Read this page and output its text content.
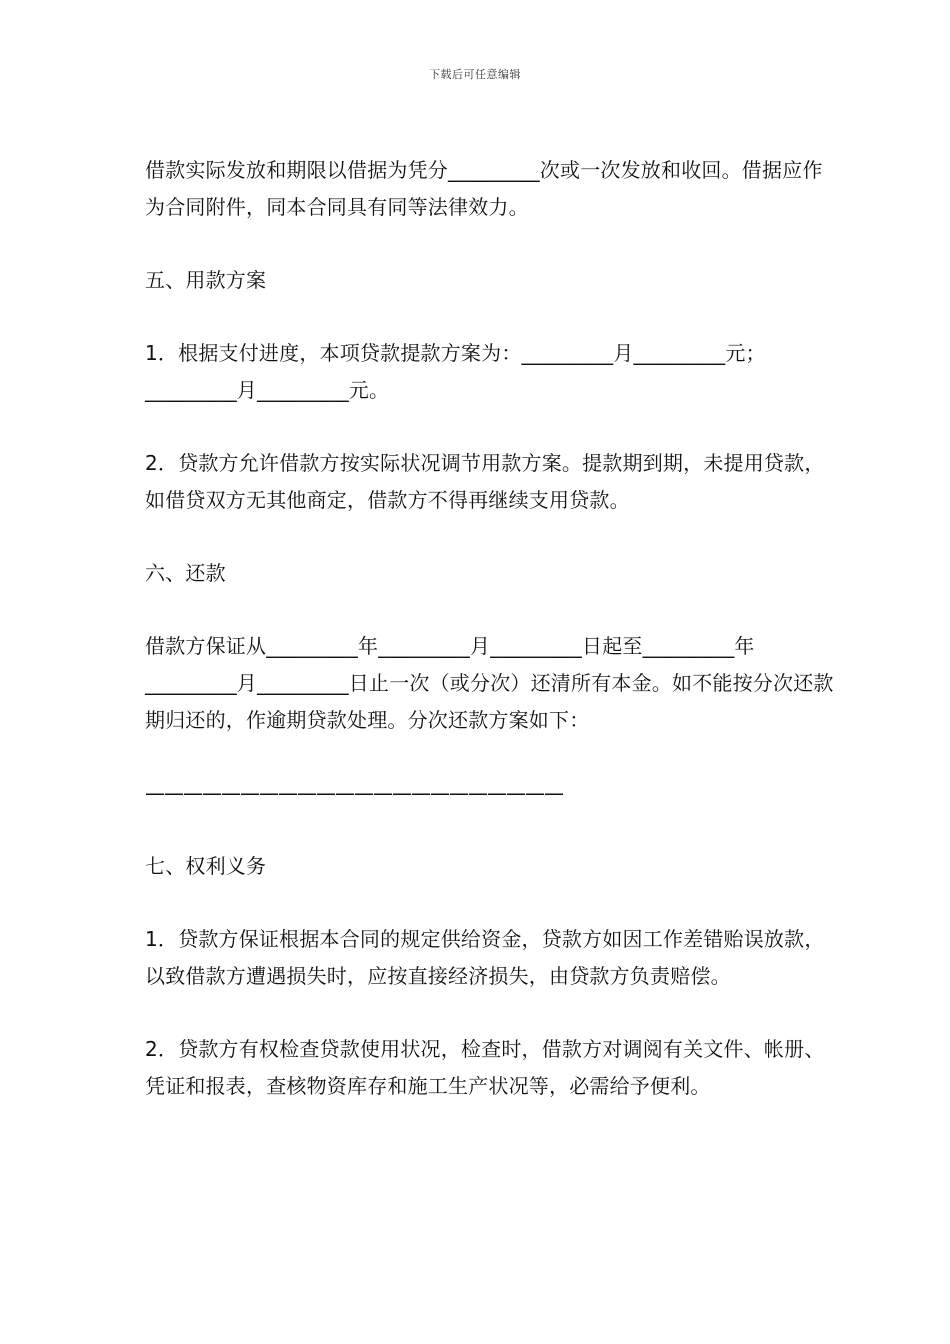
下载后可任意编辑

借款实际发放和期限以借据为凭分_________次或一次发放和收回。借据应作为合同附件，同本合同具有同等法律效力。

五、用款方案

1．根据支付进度，本项贷款提款方案为：_________月_________元；_________月_________元。

2．贷款方允许借款方按实际状况调节用款方案。提款期到期，未提用贷款，如借贷双方无其他商定，借款方不得再继续支用贷款。

六、还款

借款方保证从_________年_________月_________日起至_________年_________月_________日止一次（或分次）还清所有本金。如不能按分次还款期归还的，作逾期贷款处理。分次还款方案如下：

——————————————————————
七、权利义务

1．贷款方保证根据本合同的规定供给资金，贷款方如因工作差错贻误放款，以致借款方遭遇损失时，应按直接经济损失，由贷款方负责赔偿。

2．贷款方有权检查贷款使用状况，检查时，借款方对调阅有关文件、帐册、凭证和报表，查核物资库存和施工生产状况等，必需给予便利。
